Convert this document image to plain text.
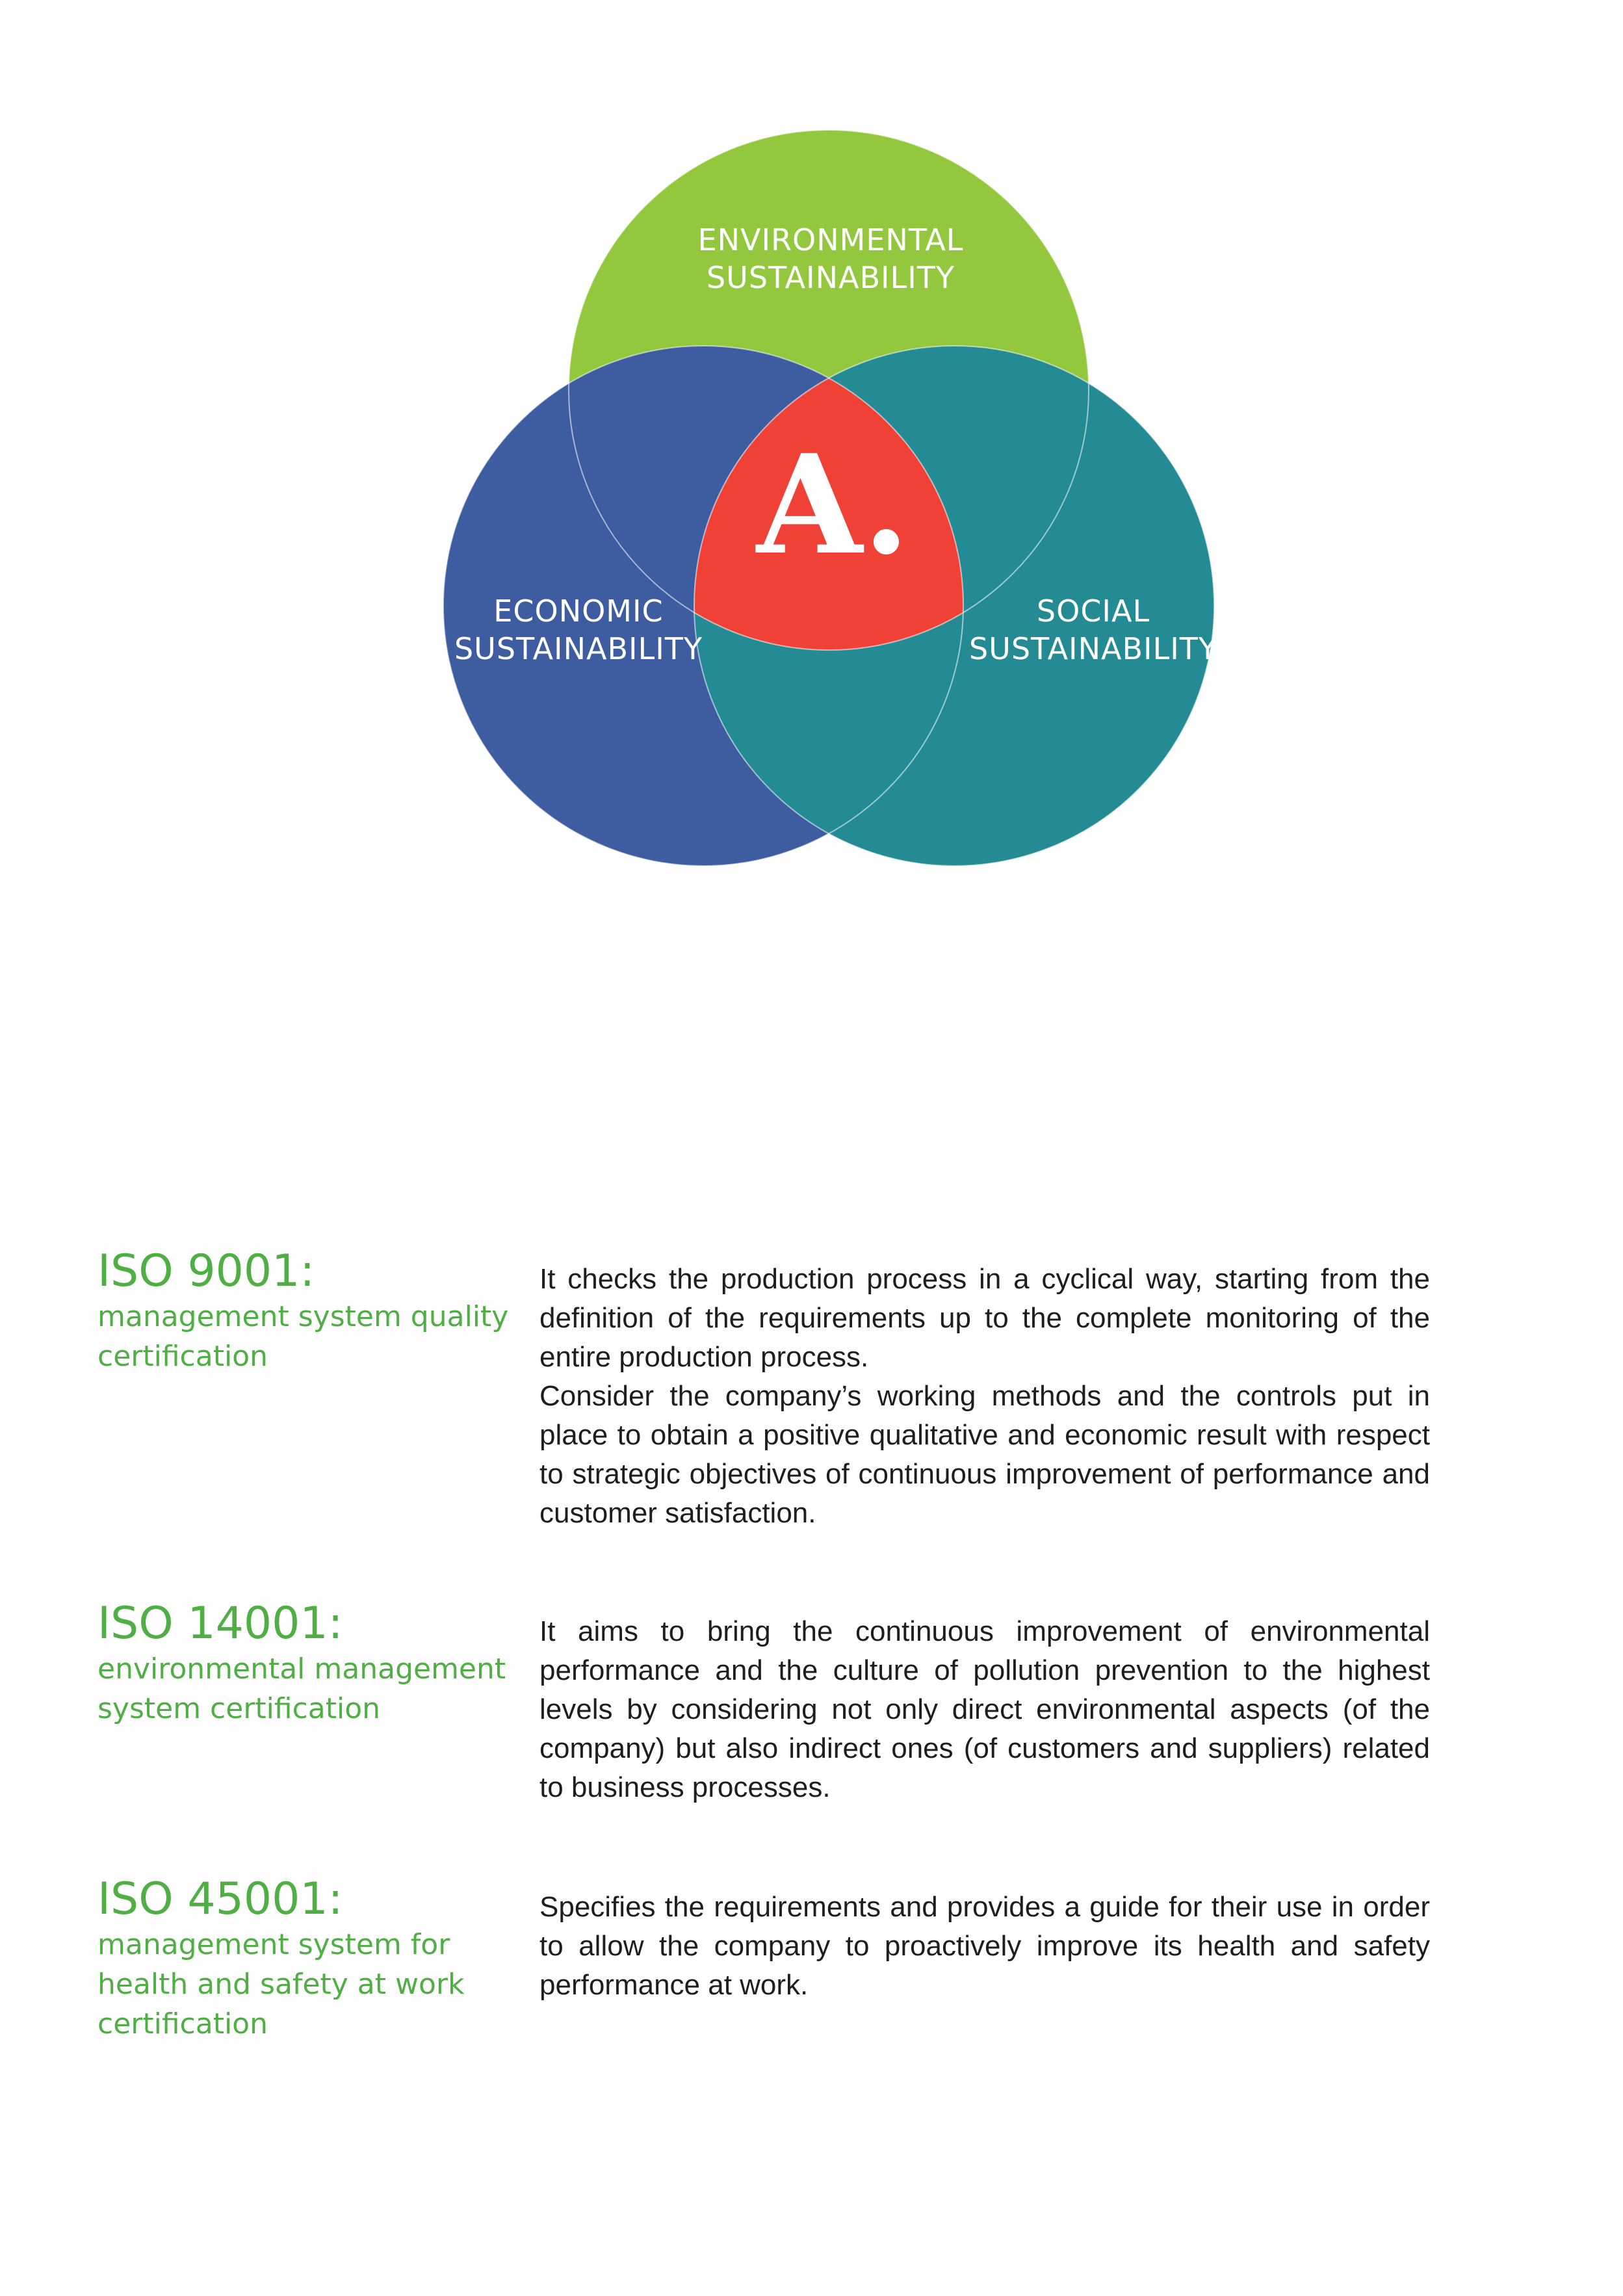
ENVIRONMENTAL
SUSTAINABILITY
ECONOMIC
SUSTAINABILITY
SOCIAL
SUSTAINABILITY
A.
ISO 9001:
management system quality certification

It checks the production process in a cyclical way, starting from the definition of the requirements up to the complete monitoring of the entire production process.

Consider the company’s working methods and the controls put in place to obtain a positive qualitative and economic result with respect to strategic objectives of continuous improvement of performance and customer satisfaction.

ISO 14001:
environmental management system certification

It aims to bring the continuous improvement of environmental performance and the culture of pollution prevention to the highest levels by considering not only direct environmental aspects (of the company) but also indirect ones (of customers and suppliers) related to business processes.

ISO 45001:
management system for health and safety at work certification

Specifies the requirements and provides a guide for their use in order to allow the company to proactively improve its health and safety performance at work.
